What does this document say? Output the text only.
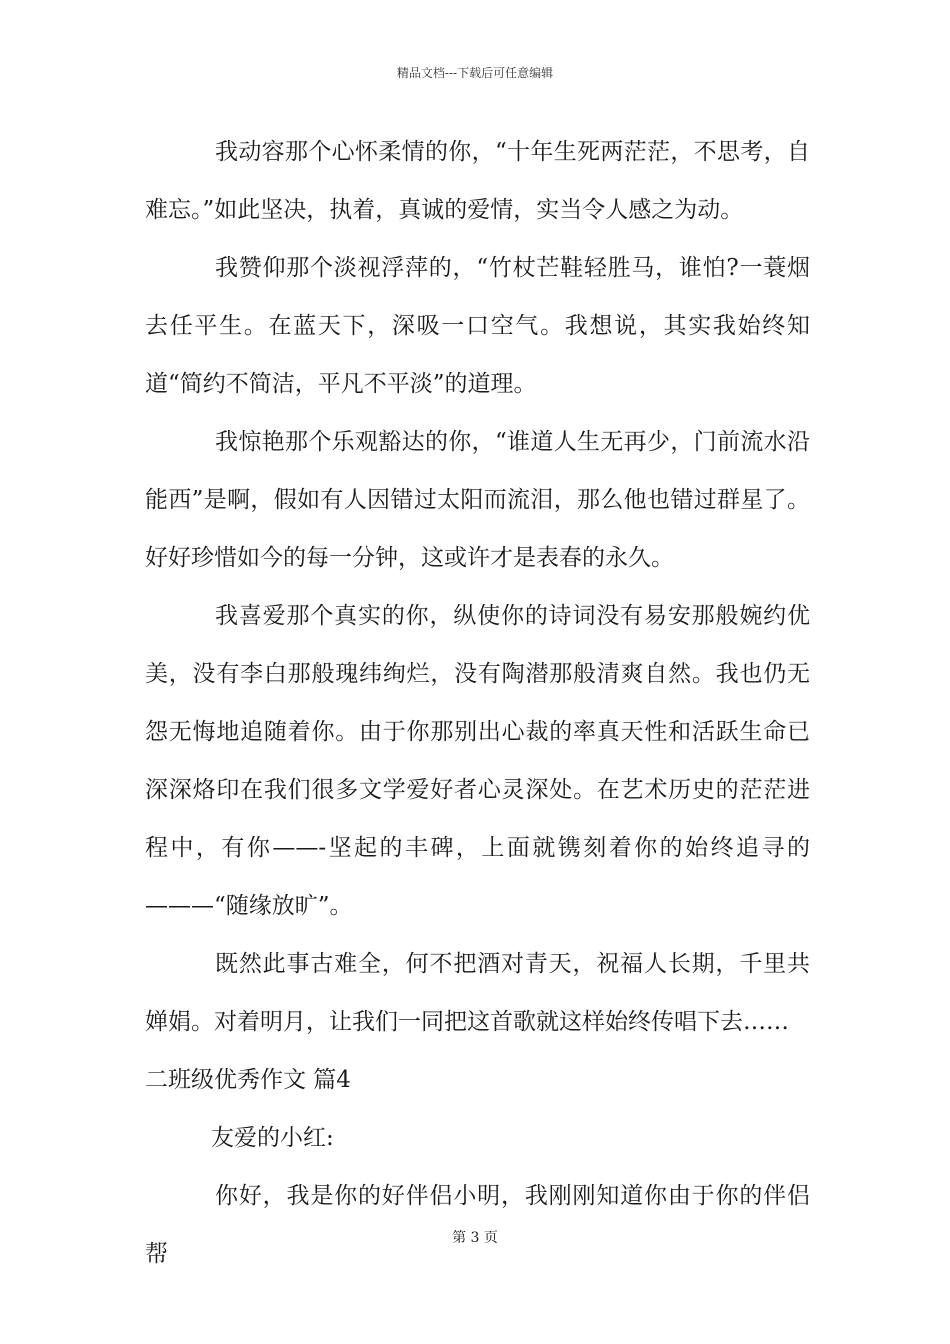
精品文档---下载后可任意编辑

我动容那个心怀柔情的你，“十年生死两茫茫，不思考，自难忘。”如此坚决，执着，真诚的爱情，实当令人感之为动。

我赞仰那个淡视浮萍的，“竹杖芒鞋轻胜马，谁怕?一蓑烟去任平生。在蓝天下，深吸一口空气。我想说，其实我始终知道“简约不简洁，平凡不平淡”的道理。

我惊艳那个乐观豁达的你，“谁道人生无再少，门前流水沿能西”是啊，假如有人因错过太阳而流泪，那么他也错过群星了。好好珍惜如今的每一分钟，这或许才是表春的永久。

我喜爱那个真实的你，纵使你的诗词没有易安那般婉约优美，没有李白那般瑰纬绚烂，没有陶潜那般清爽自然。我也仍无怨无悔地追随着你。由于你那别出心裁的率真天性和活跃生命已深深烙印在我们很多文学爱好者心灵深处。在艺术历史的茫茫进程中，有你——-坚起的丰碑，上面就镌刻着你的始终追寻的———“随缘放旷”。

既然此事古难全，何不把酒对青天，祝福人长期，千里共婵娟。对着明月，让我们一同把这首歌就这样始终传唱下去……

二班级优秀作文 篇4

友爱的小红:

你好，我是你的好伴侣小明，我刚刚知道你由于你的伴侣帮

第 3 页
